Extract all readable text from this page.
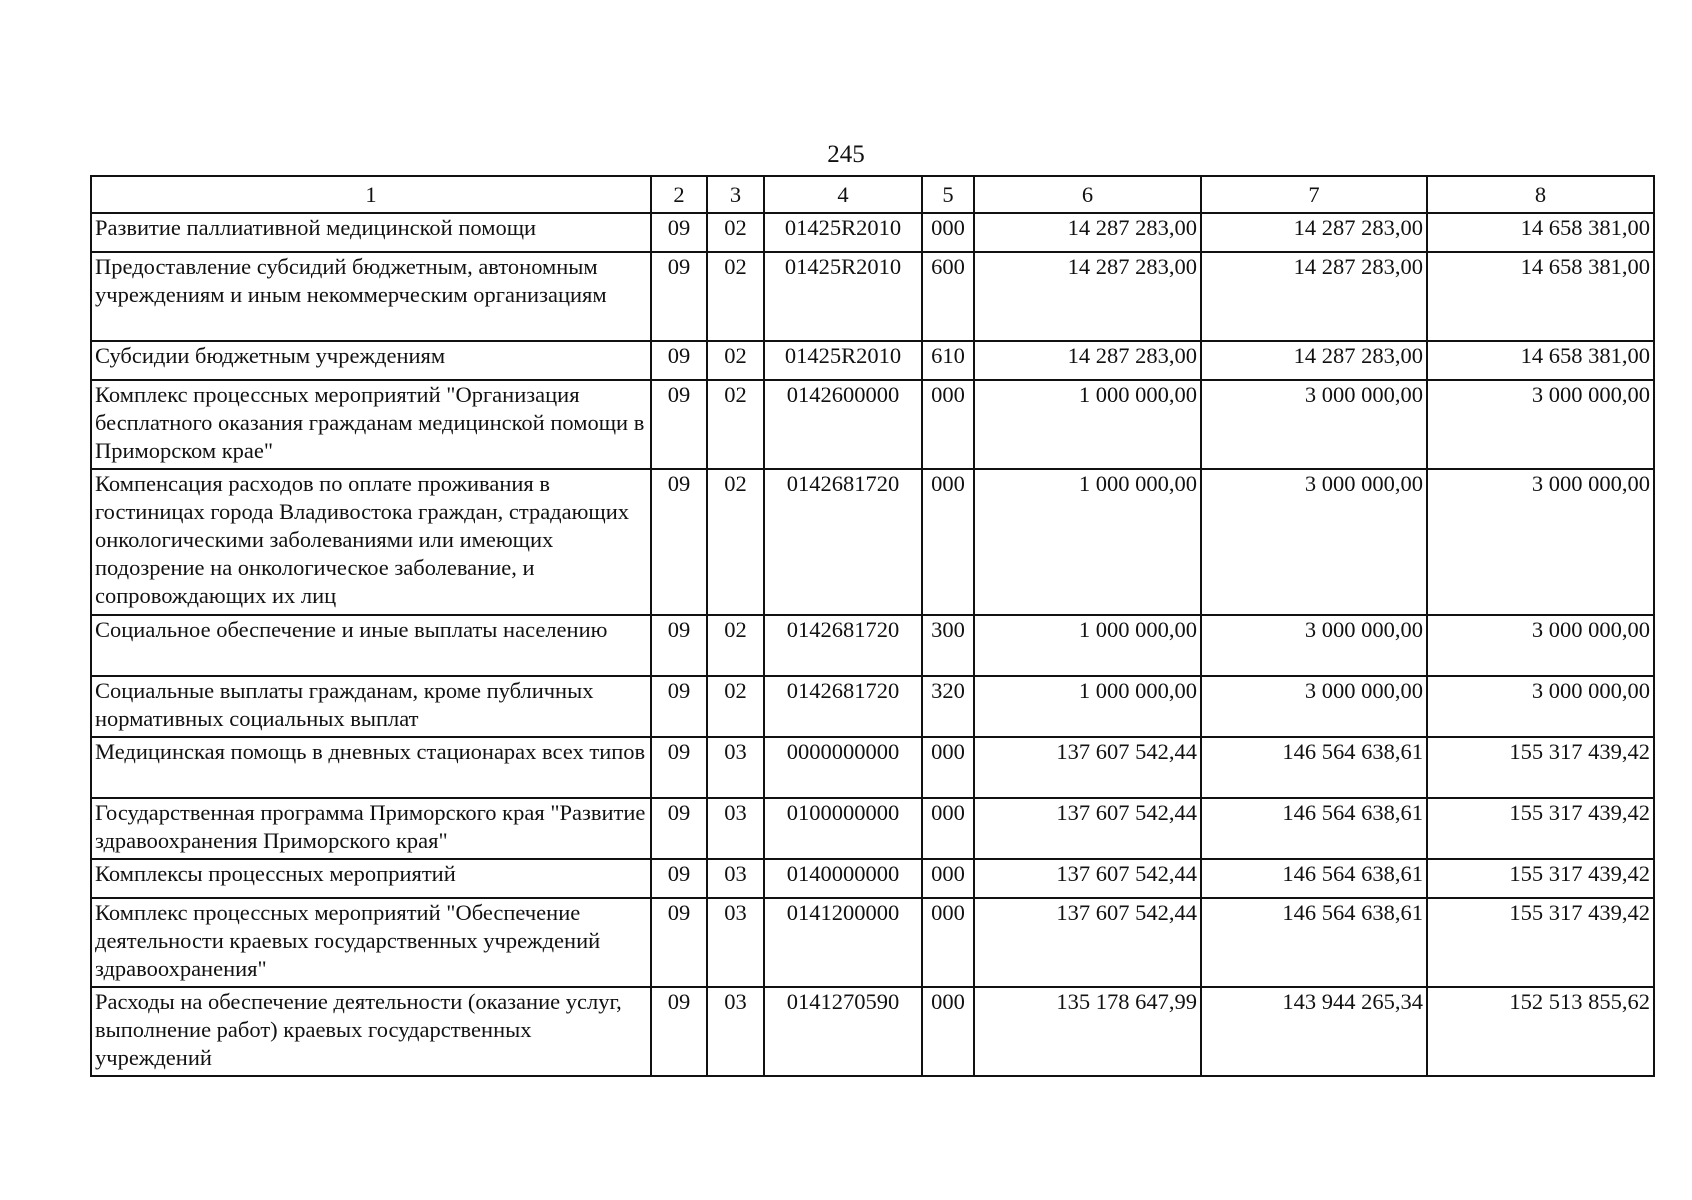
245
1	2	3	4	5	6	7	8
Развитие паллиативной медицинской помощи	09	02	01425R2010	000	14 287 283,00	14 287 283,00	14 658 381,00
Предоставление субсидий бюджетным, автономным учреждениям и иным некоммерческим организациям	09	02	01425R2010	600	14 287 283,00	14 287 283,00	14 658 381,00
Субсидии бюджетным учреждениям	09	02	01425R2010	610	14 287 283,00	14 287 283,00	14 658 381,00
Комплекс процессных мероприятий "Организация бесплатного оказания гражданам медицинской помощи в Приморском крае"	09	02	0142600000	000	1 000 000,00	3 000 000,00	3 000 000,00
Компенсация расходов по оплате проживания в гостиницах города Владивостока граждан, страдающих онкологическими заболеваниями или имеющих подозрение на онкологическое заболевание, и сопровождающих их лиц	09	02	0142681720	000	1 000 000,00	3 000 000,00	3 000 000,00
Социальное обеспечение и иные выплаты населению	09	02	0142681720	300	1 000 000,00	3 000 000,00	3 000 000,00
Социальные выплаты гражданам, кроме публичных нормативных социальных выплат	09	02	0142681720	320	1 000 000,00	3 000 000,00	3 000 000,00
Медицинская помощь в дневных стационарах всех типов	09	03	0000000000	000	137 607 542,44	146 564 638,61	155 317 439,42
Государственная программа Приморского края "Развитие здравоохранения Приморского края"	09	03	0100000000	000	137 607 542,44	146 564 638,61	155 317 439,42
Комплексы процессных мероприятий	09	03	0140000000	000	137 607 542,44	146 564 638,61	155 317 439,42
Комплекс процессных мероприятий "Обеспечение деятельности краевых государственных учреждений здравоохранения"	09	03	0141200000	000	137 607 542,44	146 564 638,61	155 317 439,42
Расходы на обеспечение деятельности (оказание услуг, выполнение работ) краевых государственных учреждений	09	03	0141270590	000	135 178 647,99	143 944 265,34	152 513 855,62
